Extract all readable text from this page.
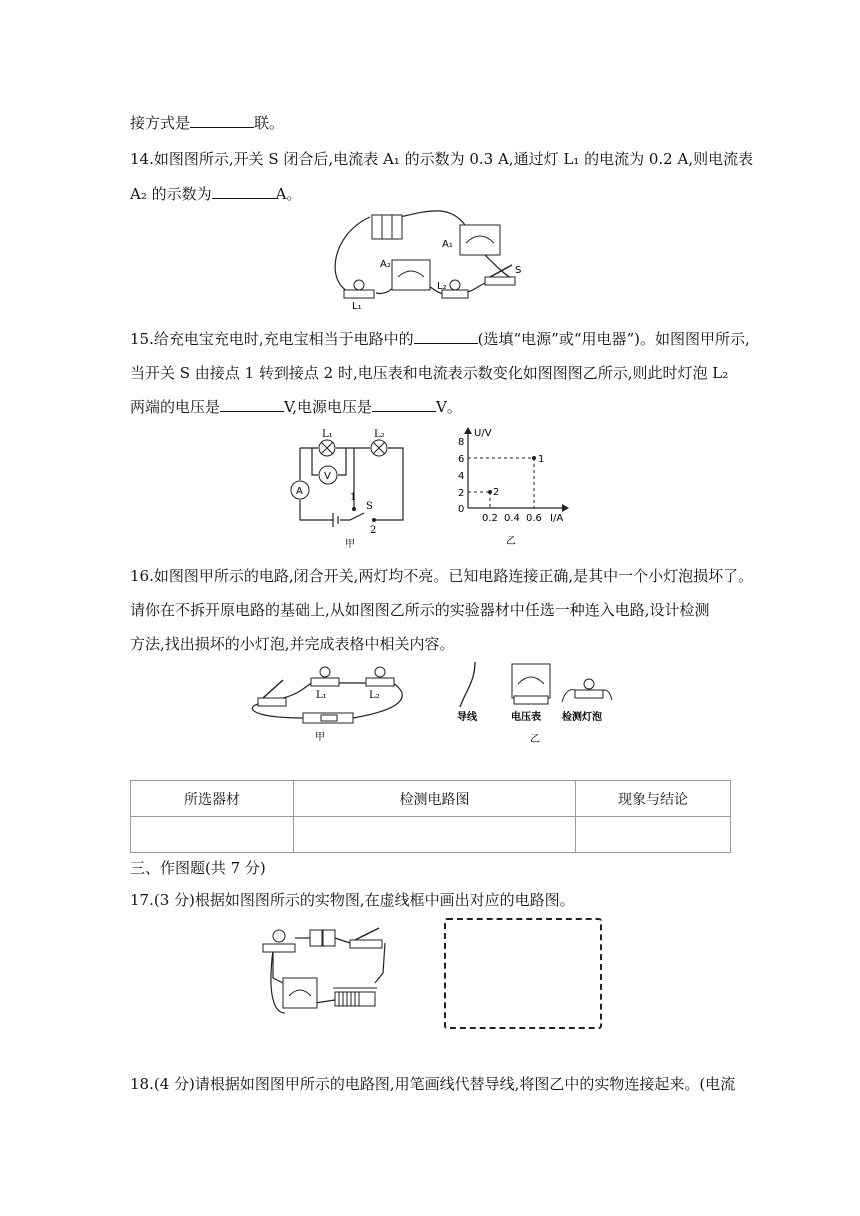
接方式是	联。
14.如图图所示,开关 S 闭合后,电流表 A₁ 的示数为 0.3 A,通过灯 L₁ 的电流为 0.2 A,则电流表
A₂ 的示数为	A。
A₁
A₂
L₁
L₂
S
15.给充电宝充电时,充电宝相当于电路中的	(选填“电源”或“用电器”)。如图图甲所示,
当开关 S 由接点 1 转到接点 2 时,电压表和电流表示数变化如图图图乙所示,则此时灯泡 L₂
两端的电压是	V,电源电压是	V。
L₁	L₂
V
A
1
S
2
甲
U/V
8
6
4
2
0
0.2 0.4 0.6 I/A
1
2
乙
16.如图图甲所示的电路,闭合开关,两灯均不亮。已知电路连接正确,是其中一个小灯泡损坏了。
请你在不拆开原电路的基础上,从如图图乙所示的实验器材中任选一种连入电路,设计检测
方法,找出损坏的小灯泡,并完成表格中相关内容。
L₁	L₂
甲
导线	电压表 检测灯泡
乙
所选器材	检测电路图	现象与结论

三、作图题(共 7 分)
17.(3 分)根据如图图所示的实物图,在虚线框中画出对应的电路图。
18.(4 分)请根据如图图甲所示的电路图,用笔画线代替导线,将图乙中的实物连接起来。(电流
